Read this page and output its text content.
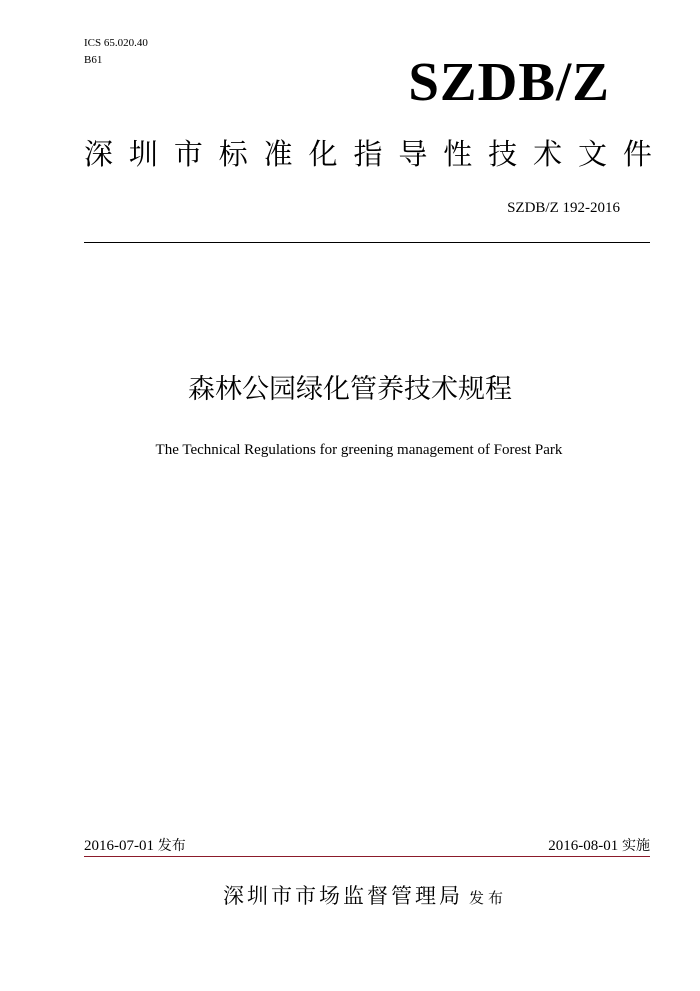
ICS 65.020.40
B61	SZDB/Z
深 圳 市 标 准 化 指 导 性 技 术 文 件
SZDB/Z 192-2016
森林公园绿化管养技术规程
The Technical Regulations for greening management of Forest Park
2016-07-01 发布	2016-08-01 实施
深圳市市场监督管理局 发布
